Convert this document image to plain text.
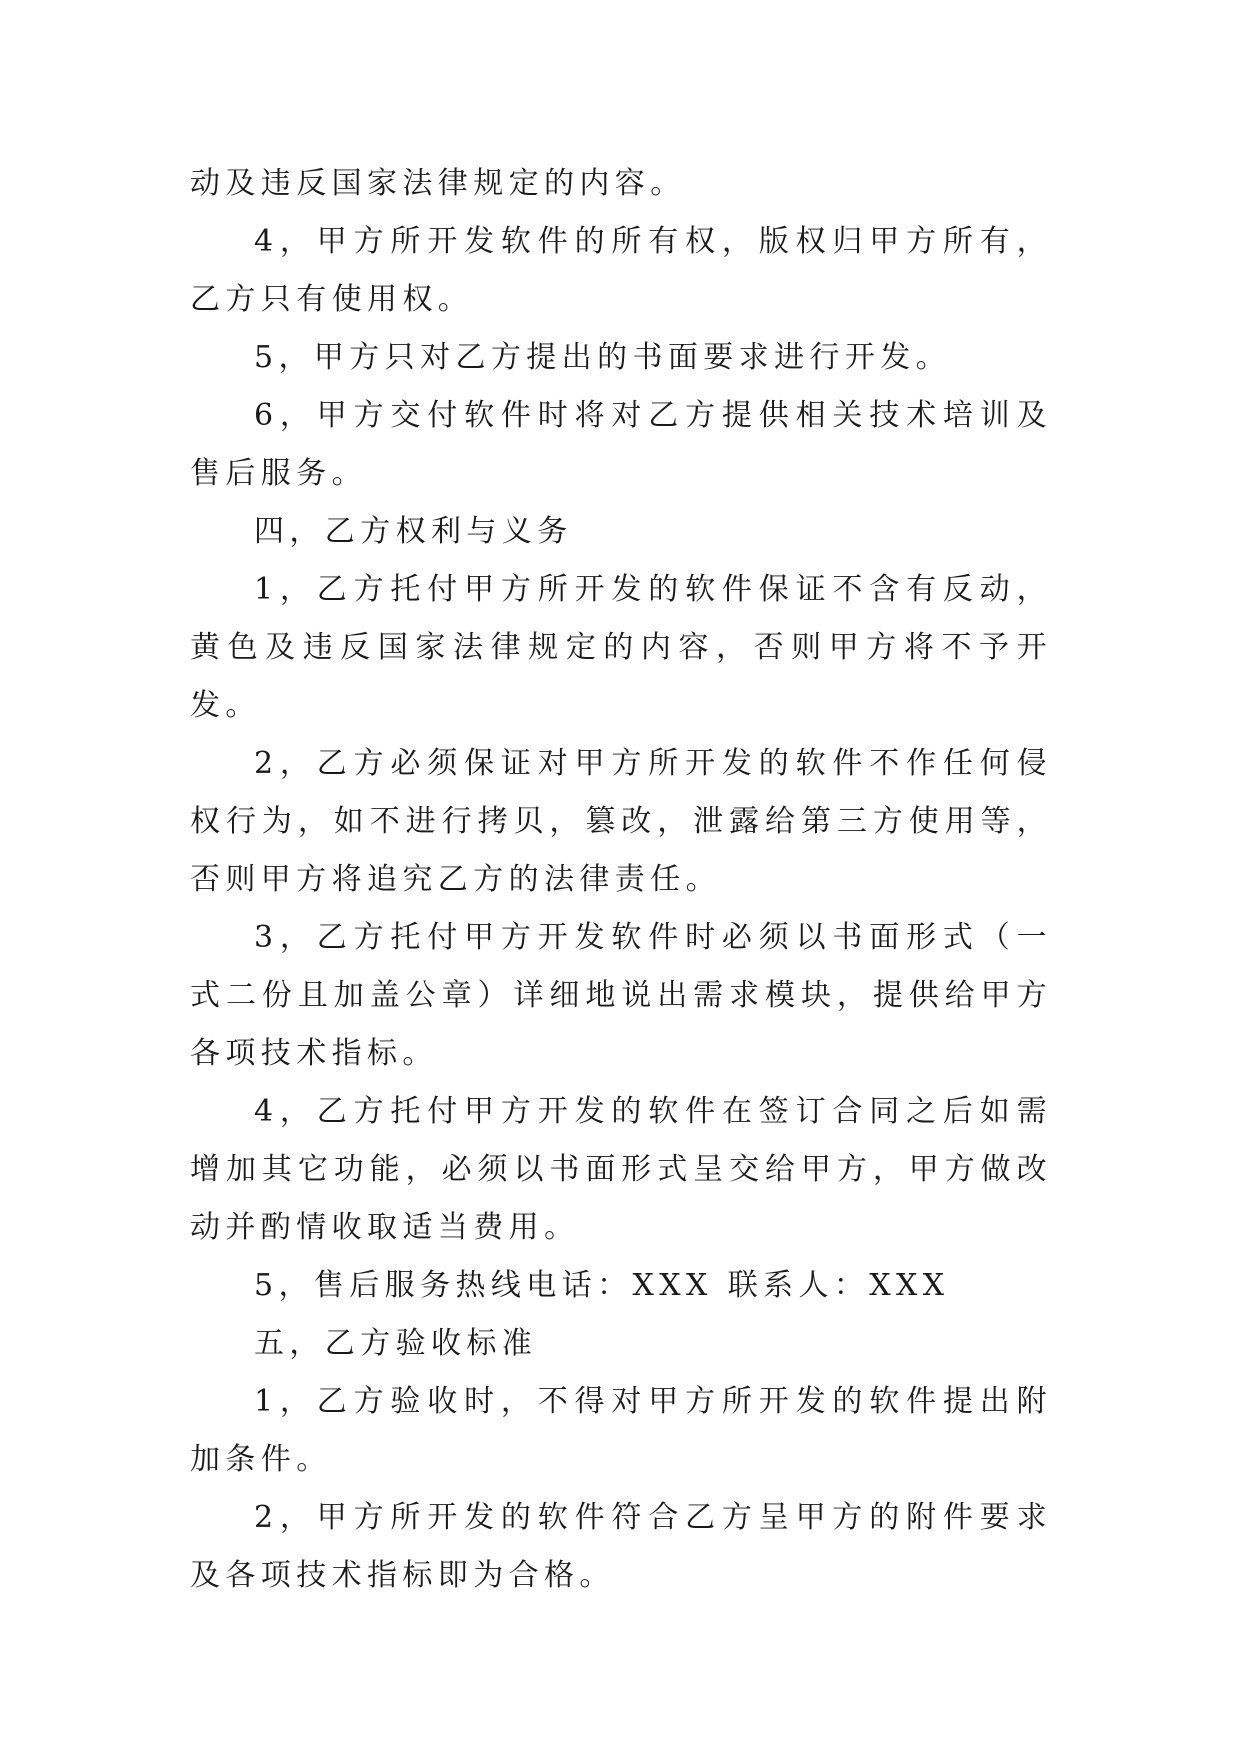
动及违反国家法律规定的内容。

4，甲方所开发软件的所有权，版权归甲方所有，乙方只有使用权。

5，甲方只对乙方提出的书面要求进行开发。

6，甲方交付软件时将对乙方提供相关技术培训及售后服务。

四，乙方权利与义务

1，乙方托付甲方所开发的软件保证不含有反动，黄色及违反国家法律规定的内容，否则甲方将不予开发。

2，乙方必须保证对甲方所开发的软件不作任何侵权行为，如不进行拷贝，篡改，泄露给第三方使用等，否则甲方将追究乙方的法律责任。

3，乙方托付甲方开发软件时必须以书面形式（一式二份且加盖公章）详细地说出需求模块，提供给甲方各项技术指标。

4，乙方托付甲方开发的软件在签订合同之后如需增加其它功能，必须以书面形式呈交给甲方，甲方做改动并酌情收取适当费用。

5，售后服务热线电话：XXX 联系人：XXX

五，乙方验收标准

1，乙方验收时，不得对甲方所开发的软件提出附加条件。

2，甲方所开发的软件符合乙方呈甲方的附件要求及各项技术指标即为合格。
